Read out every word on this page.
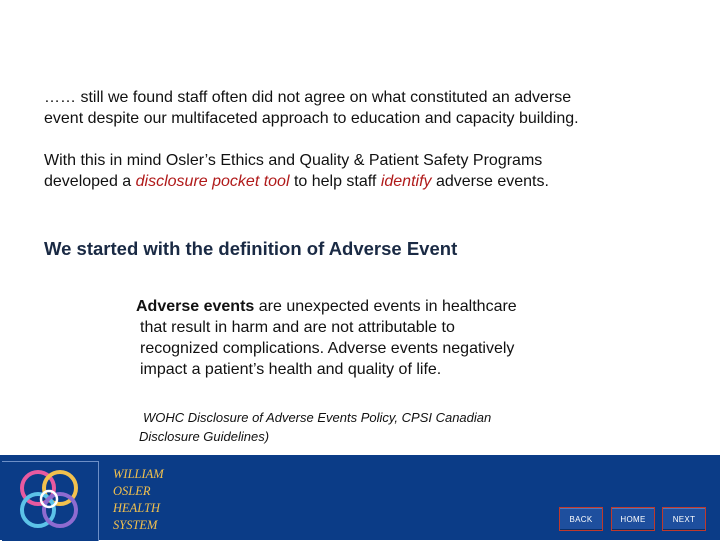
…… still we found staff often did not agree on what constituted an adverse
event despite our multifaceted approach to education and capacity building.

With this in mind Osler’s Ethics and Quality & Patient Safety Programs
developed a disclosure pocket tool to help staff identify adverse events.

We started with the definition of Adverse Event

Adverse events are unexpected events in healthcare
that result in harm and are not attributable to
recognized complications. Adverse events negatively
impact a patient’s health and quality of life.

WOHC Disclosure of Adverse Events Policy, CPSI Canadian
Disclosure Guidelines)

WILLIAM
OSLER
HEALTH
SYSTEM	BACK	HOME	NEXT
